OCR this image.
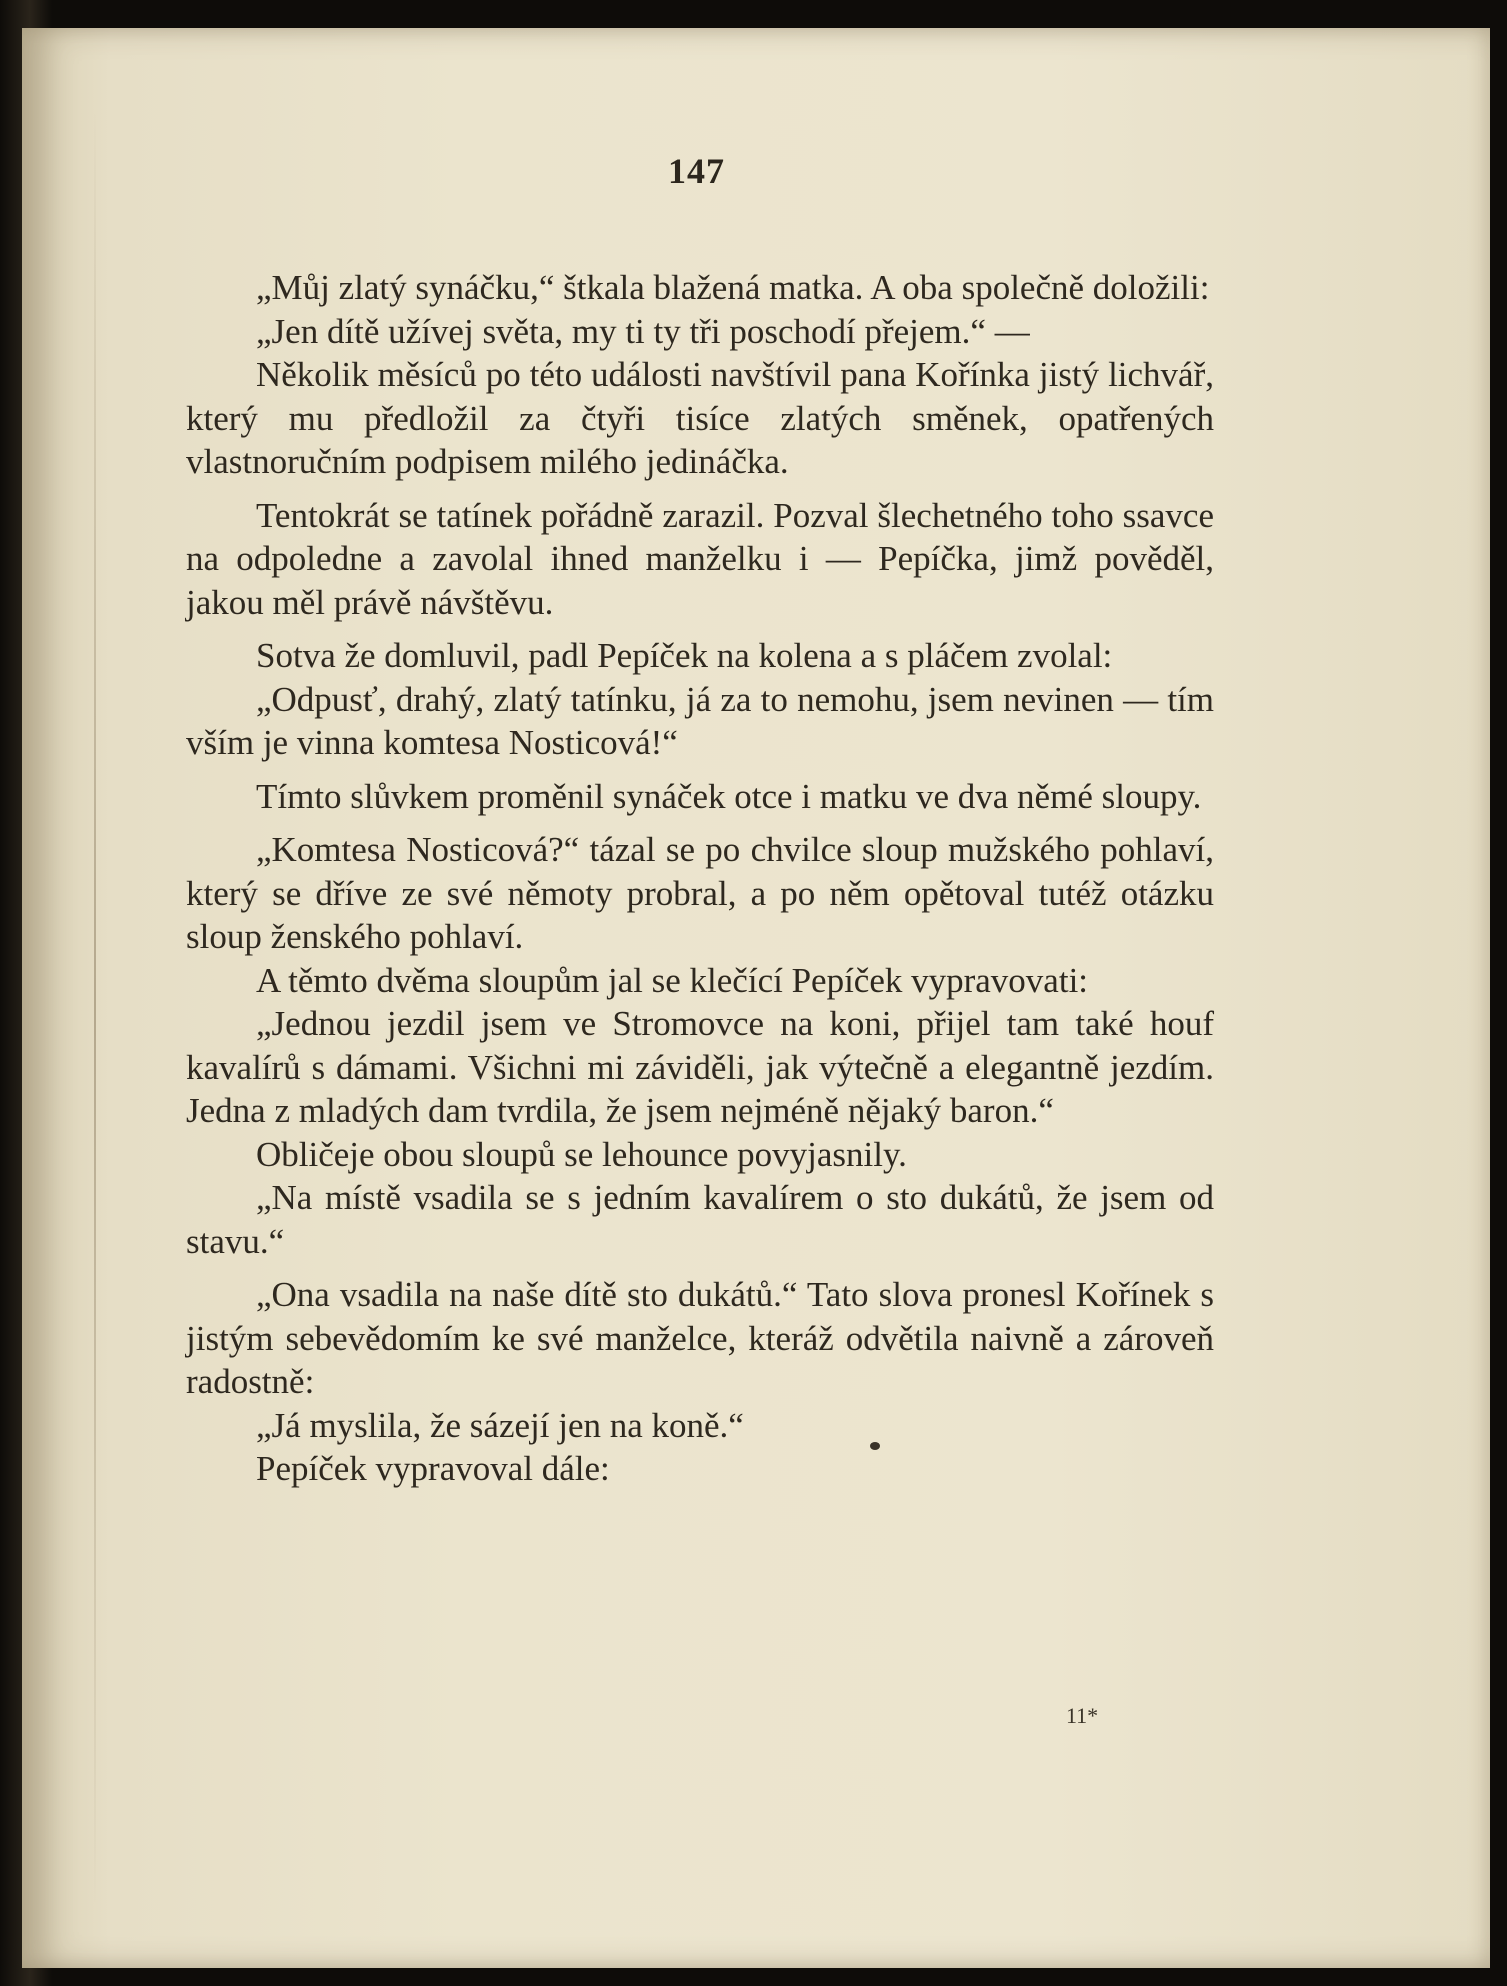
147

„Můj zlatý synáčku,“ štkala blažená matka. A oba společně doložili:

„Jen dítě užívej světa, my ti ty tři poschodí přejem.“ —

Několik měsíců po této události navštívil pana Kořínka jistý lichvář, který mu předložil za čtyři tisíce zlatých směnek, opatřených vlastnoručním podpisem milého jedináčka.

Tentokrát se tatínek pořádně zarazil. Pozval šlechetného toho ssavce na odpoledne a zavolal ihned manželku i — Pepíčka, jimž pověděl, jakou měl právě návštěvu.

Sotva že domluvil, padl Pepíček na kolena a s pláčem zvolal:

„Odpusť, drahý, zlatý tatínku, já za to nemohu, jsem nevinen — tím vším je vinna komtesa Nosticová!“

Tímto slůvkem proměnil synáček otce i matku ve dva němé sloupy.

„Komtesa Nosticová?“ tázal se po chvilce sloup mužského pohlaví, který se dříve ze své němoty probral, a po něm opětoval tutéž otázku sloup ženského pohlaví.

A těmto dvěma sloupům jal se klečící Pepíček vypravovati:

„Jednou jezdil jsem ve Stromovce na koni, přijel tam také houf kavalírů s dámami. Všichni mi záviděli, jak výtečně a elegantně jezdím. Jedna z mladých dam tvrdila, že jsem nejméně nějaký baron.“

Obličeje obou sloupů se lehounce povyjasnily.

„Na místě vsadila se s jedním kavalírem o sto dukátů, že jsem od stavu.“

„Ona vsadila na naše dítě sto dukátů.“ Tato slova pronesl Kořínek s jistým sebevědomím ke své manželce, kteráž odvětila naivně a zároveň radostně:

„Já myslila, že sázejí jen na koně.“

Pepíček vypravoval dále:

11*
